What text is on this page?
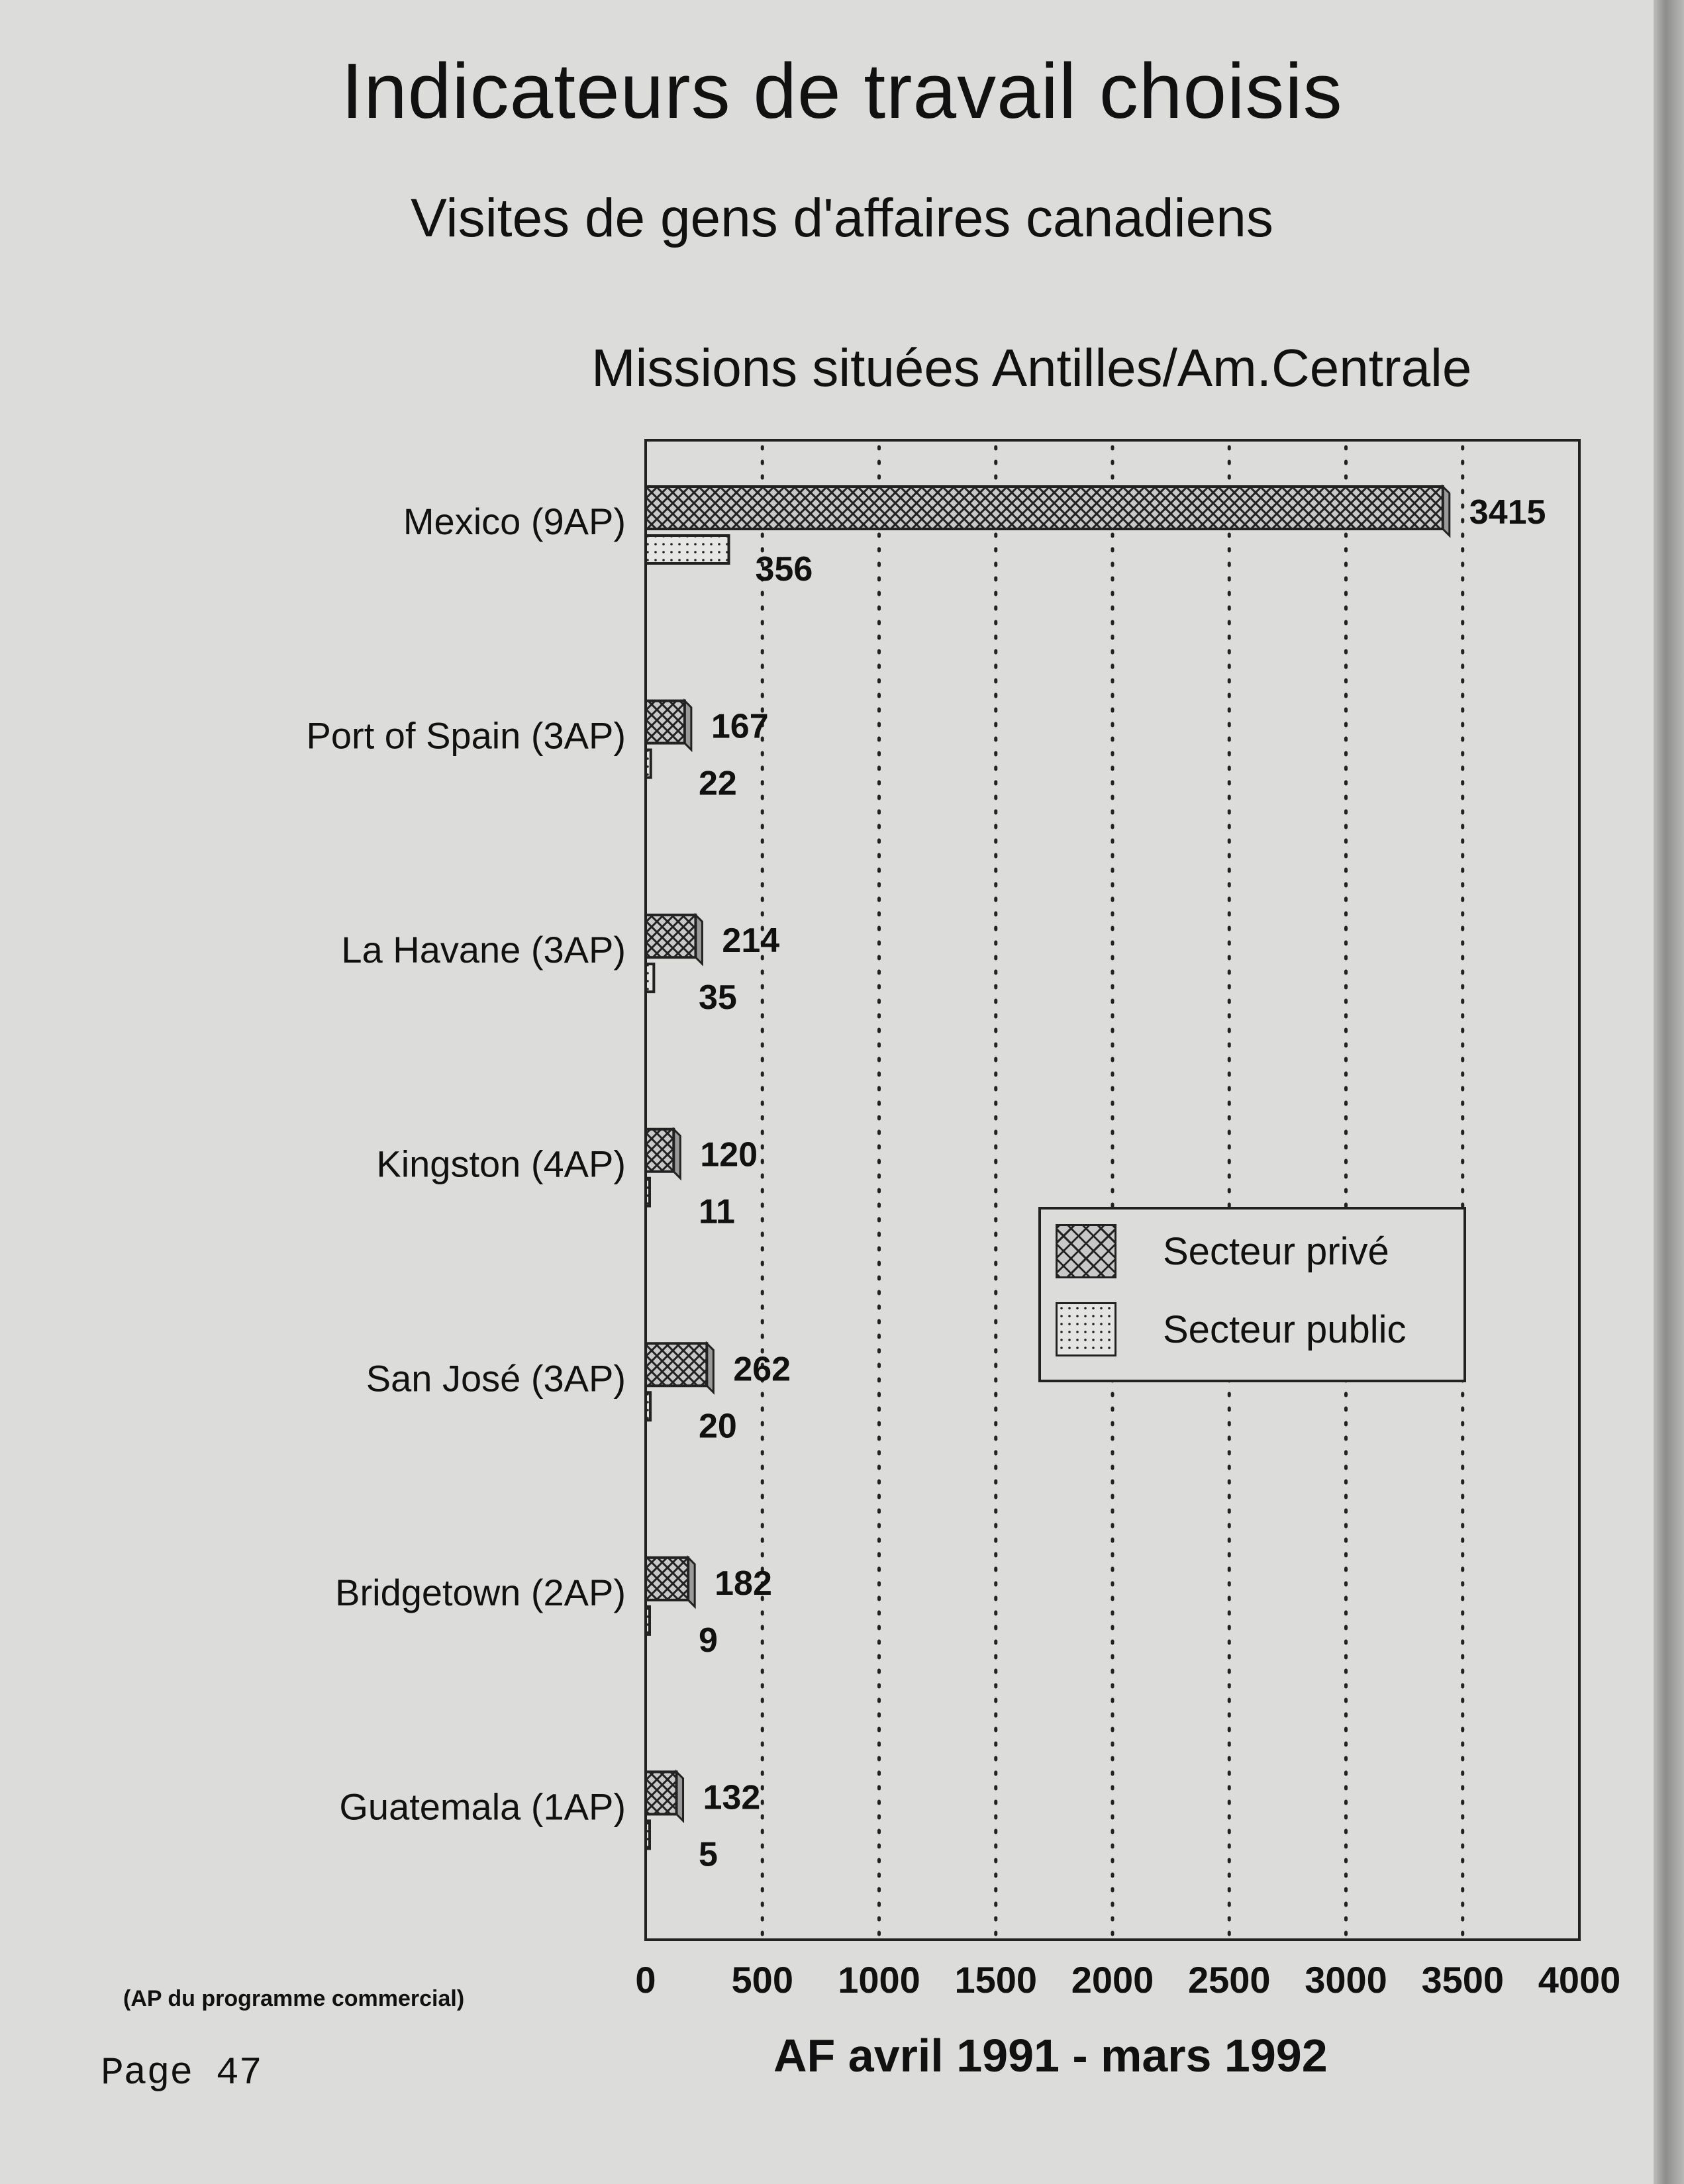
Indicateurs de travail choisis
Visites de gens d'affaires canadiens
Missions situées Antilles/Am.Centrale
0 500 1000 1500 2000 2500 3000 3500 4000
Mexico (9AP)	3415
356
Port of Spain (3AP) 167
22
La Havane (3AP)	214
35
Kingston (4AP) 120
11
San José (3AP)	262
20
Bridgetown (2AP)	182
9
Guatemala (1AP) 132
5
Secteur privé
Secteur public
(AP du programme commercial)
Page 47	AF avril 1991 - mars 1992
